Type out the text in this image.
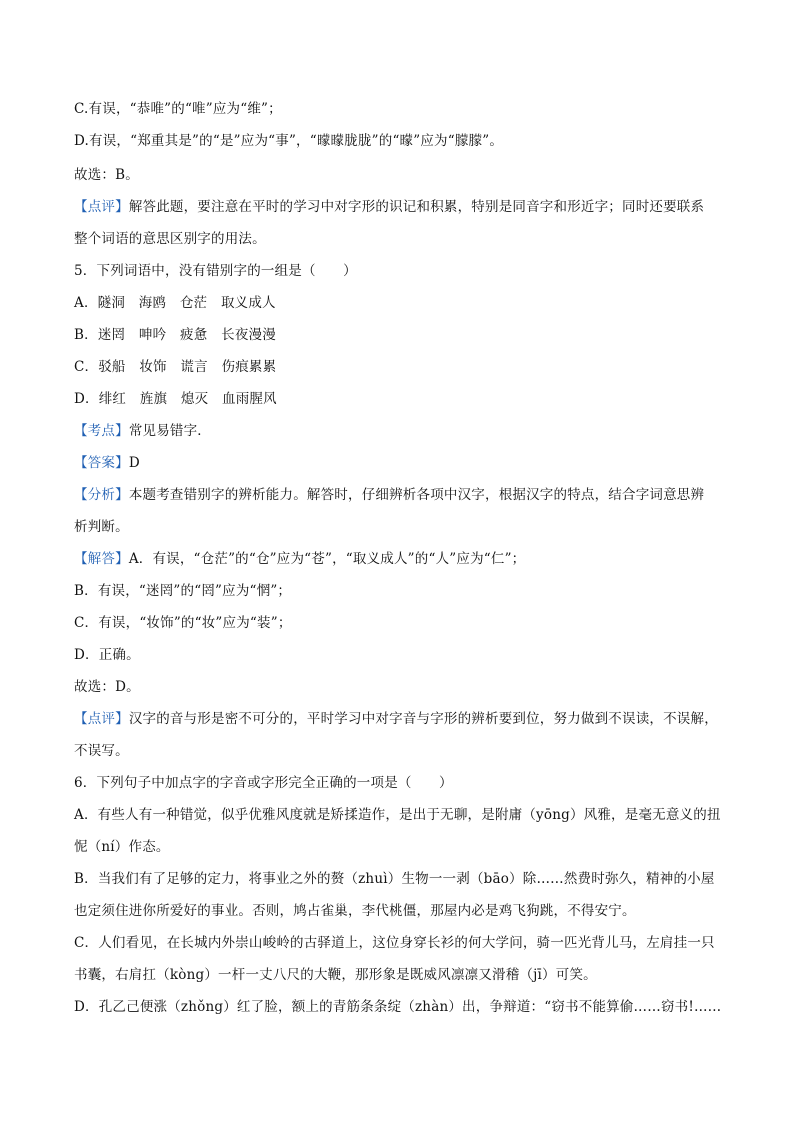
C.有误，“恭唯”的“唯”应为“维”；
D.有误，“郑重其是”的“是”应为“事”，“曚曚胧胧”的“曚”应为“朦朦”。
故选：B。
【点评】解答此题，要注意在平时的学习中对字形的识记和积累，特别是同音字和形近字；同时还要联系
整个词语的意思区别字的用法。
5．下列词语中，没有错别字的一组是（　　）
A．隧洞　海鸥　仓茫　取义成人
B．迷罔　呻吟　疲惫　长夜漫漫
C．驳船　妆饰　谎言　伤痕累累
D．绯红　旌旗　熄灭　血雨腥风
【考点】常见易错字．
【答案】D
【分析】本题考查错别字的辨析能力。解答时，仔细辨析各项中汉字，根据汉字的特点，结合字词意思辨
析判断。
【解答】A．有误，“仓茫”的“仓”应为“苍”，“取义成人”的“人”应为“仁”；
B．有误，“迷罔”的“罔”应为“惘”；
C．有误，“妆饰”的“妆”应为“装”；
D．正确。
故选：D。
【点评】汉字的音与形是密不可分的，平时学习中对字音与字形的辨析要到位，努力做到不误读，不误解，
不误写。
6．下列句子中加点字的字音或字形完全正确的一项是（　　）
A．有些人有一种错觉，似乎优雅风度就是矫揉造作，是出于无聊，是附庸（yōng）风雅，是毫无意义的扭
怩（ní）作态。
B．当我们有了足够的定力，将事业之外的赘（zhuì）生物一一剥（bāo）除……然费时弥久，精神的小屋
也定须住进你所爱好的事业。否则，鸠占雀巢，李代桃僵，那屋内必是鸡飞狗跳，不得安宁。
C．人们看见，在长城内外崇山峻岭的古驿道上，这位身穿长衫的何大学问，骑一匹光背儿马，左肩挂一只
书囊，右肩扛（kòng）一杆一丈八尺的大鞭，那形象是既威风凛凛又滑稽（jī）可笑。
D．孔乙己便涨（zhǒng）红了脸，额上的青筋条条绽（zhàn）出，争辩道：“窃书不能算偷……窃书!……
